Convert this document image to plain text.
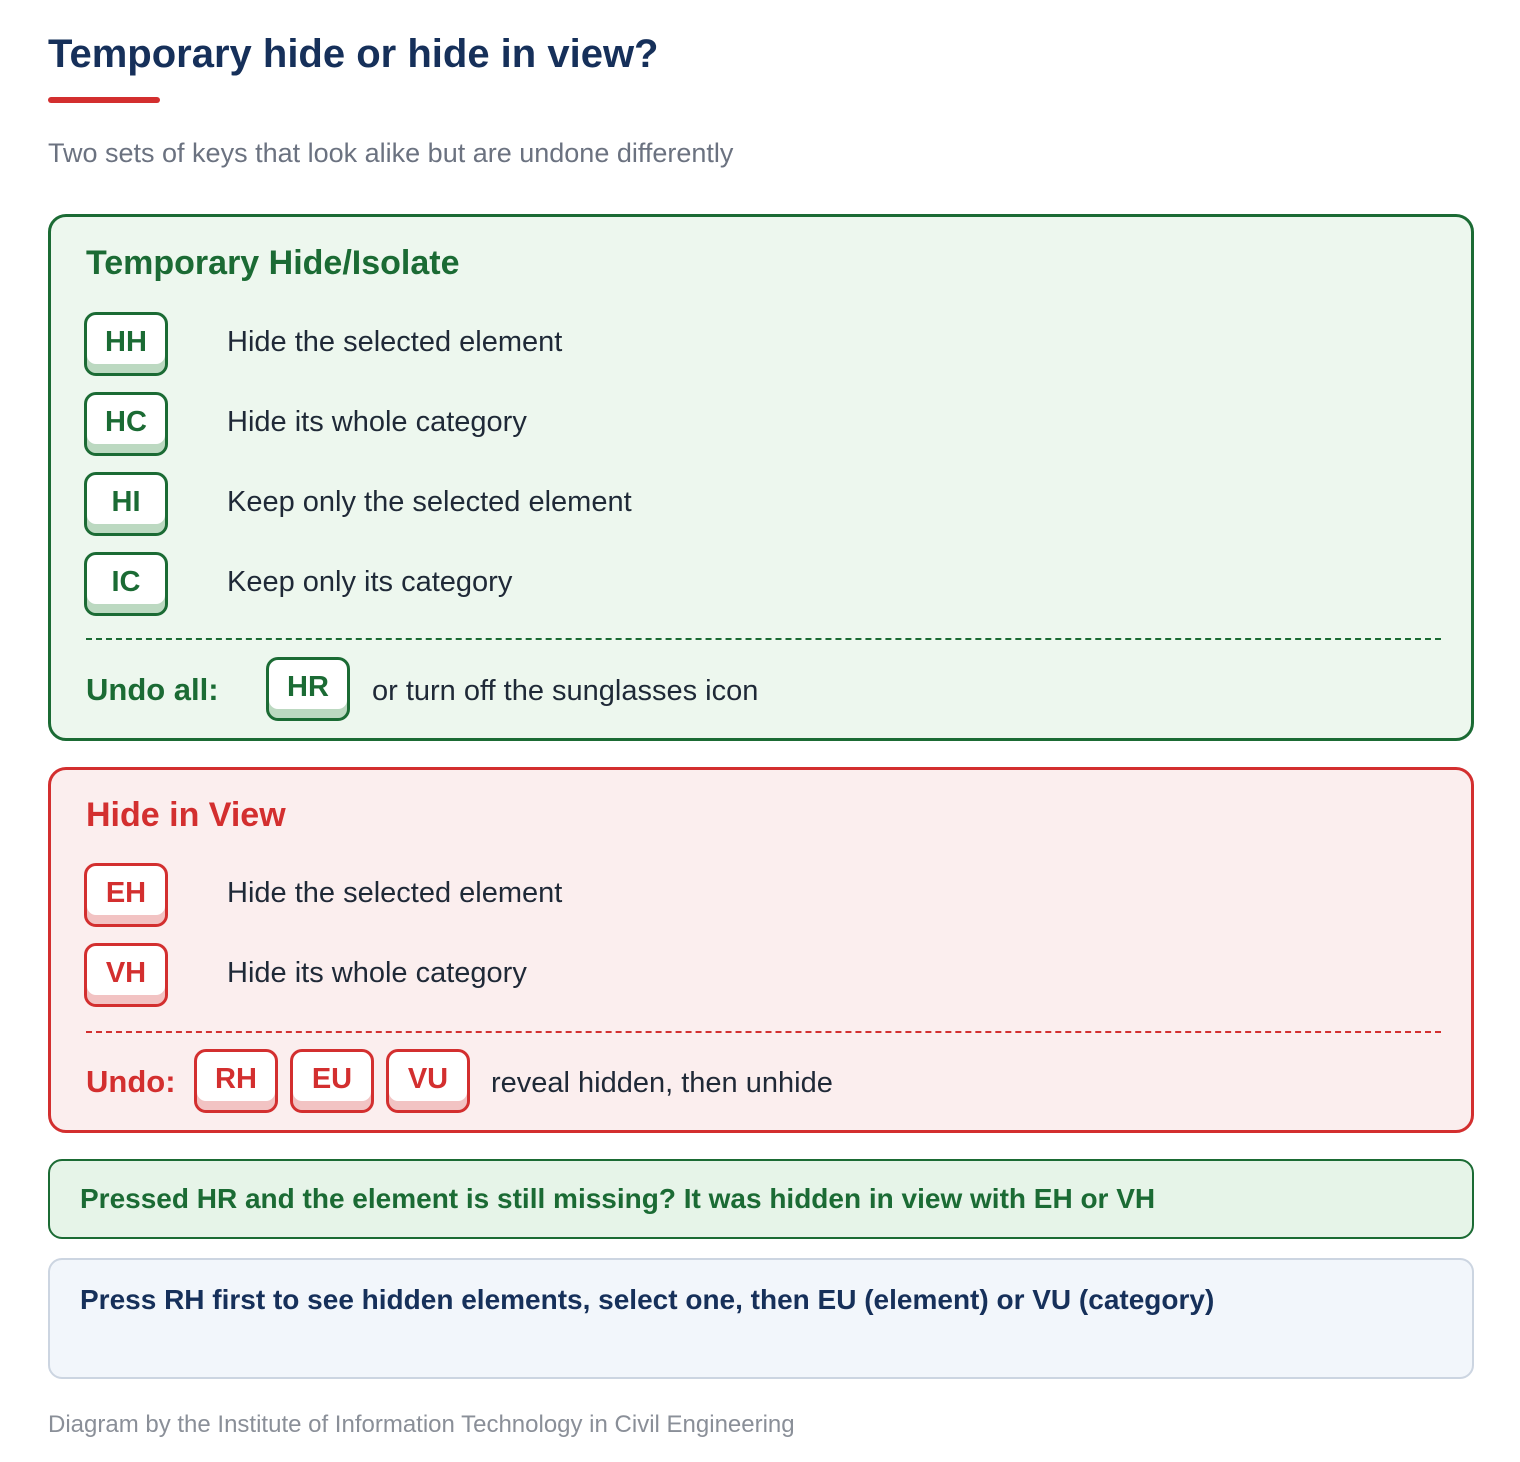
Temporary hide or hide in view?
Two sets of keys that look alike but are undone differently
Temporary Hide/Isolate
HH	Hide the selected element
HC	Hide its whole category
HI	Keep only the selected element
IC	Keep only its category
Undo all:	HR	or turn off the sunglasses icon
Hide in View
EH	Hide the selected element
VH	Hide its whole category
Undo:	RH	EU	VU	reveal hidden, then unhide
Pressed HR and the element is still missing? It was hidden in view with EH or VH
Press RH first to see hidden elements, select one, then EU (element) or VU (category)
Diagram by the Institute of Information Technology in Civil Engineering
